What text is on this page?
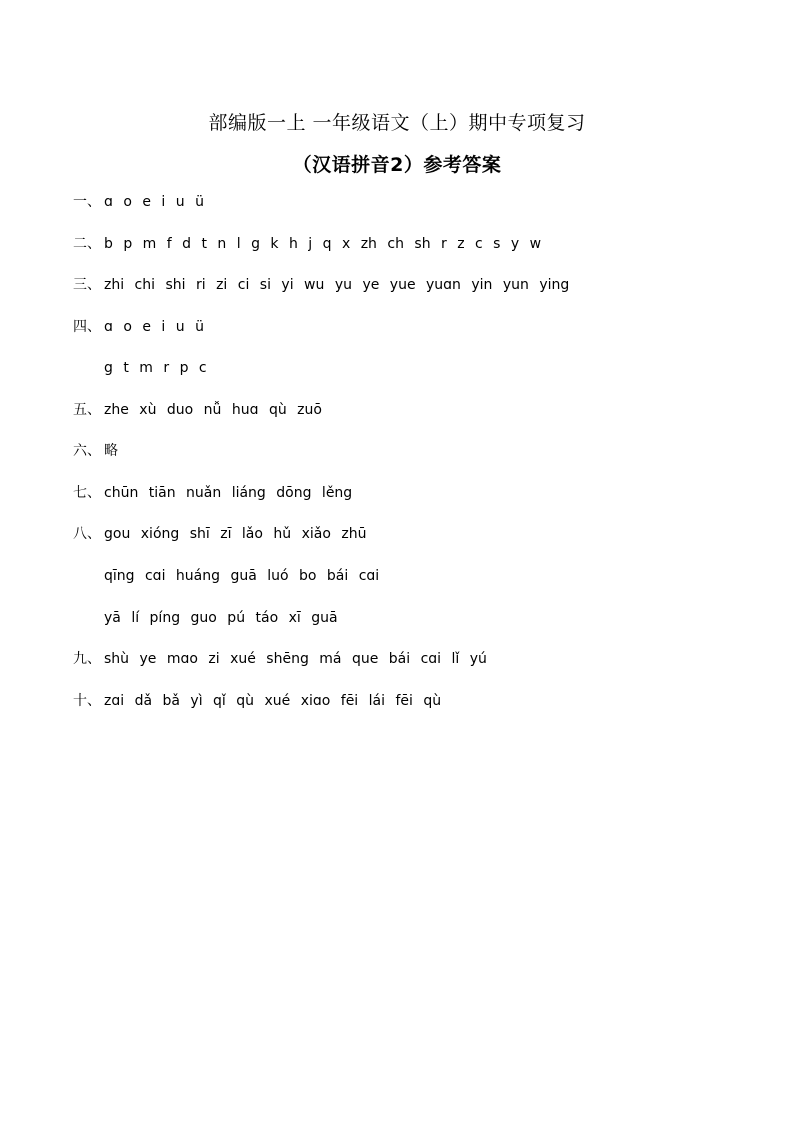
部编版一上 一年级语文（上）期中专项复习
（汉语拼音2）参考答案
一、 ɑ o e i u ü
二、 b p m f d t n l g k h j q x zh ch sh r z c s y w
三、 zhi chi shi ri zi ci si yi wu yu ye yue yuɑn yin yun ying
四、 ɑ o e i u ü
g t m r p c
五、 zhe xù duo nǚ huɑ qù zuō
六、 略
七、 chūn tiān nuǎn liáng dōng lěng
八、 gou xióng shī zī lǎo hǔ xiǎo zhū
qīng cɑi huáng guā luó bo bái cɑi
yā lí píng guo pú táo xī guā
九、 shù ye mɑo zi xué shēng má que bái cɑi lǐ yú
十、 zɑi dǎ bǎ yì qǐ qù xué xiɑo fēi lái fēi qù
